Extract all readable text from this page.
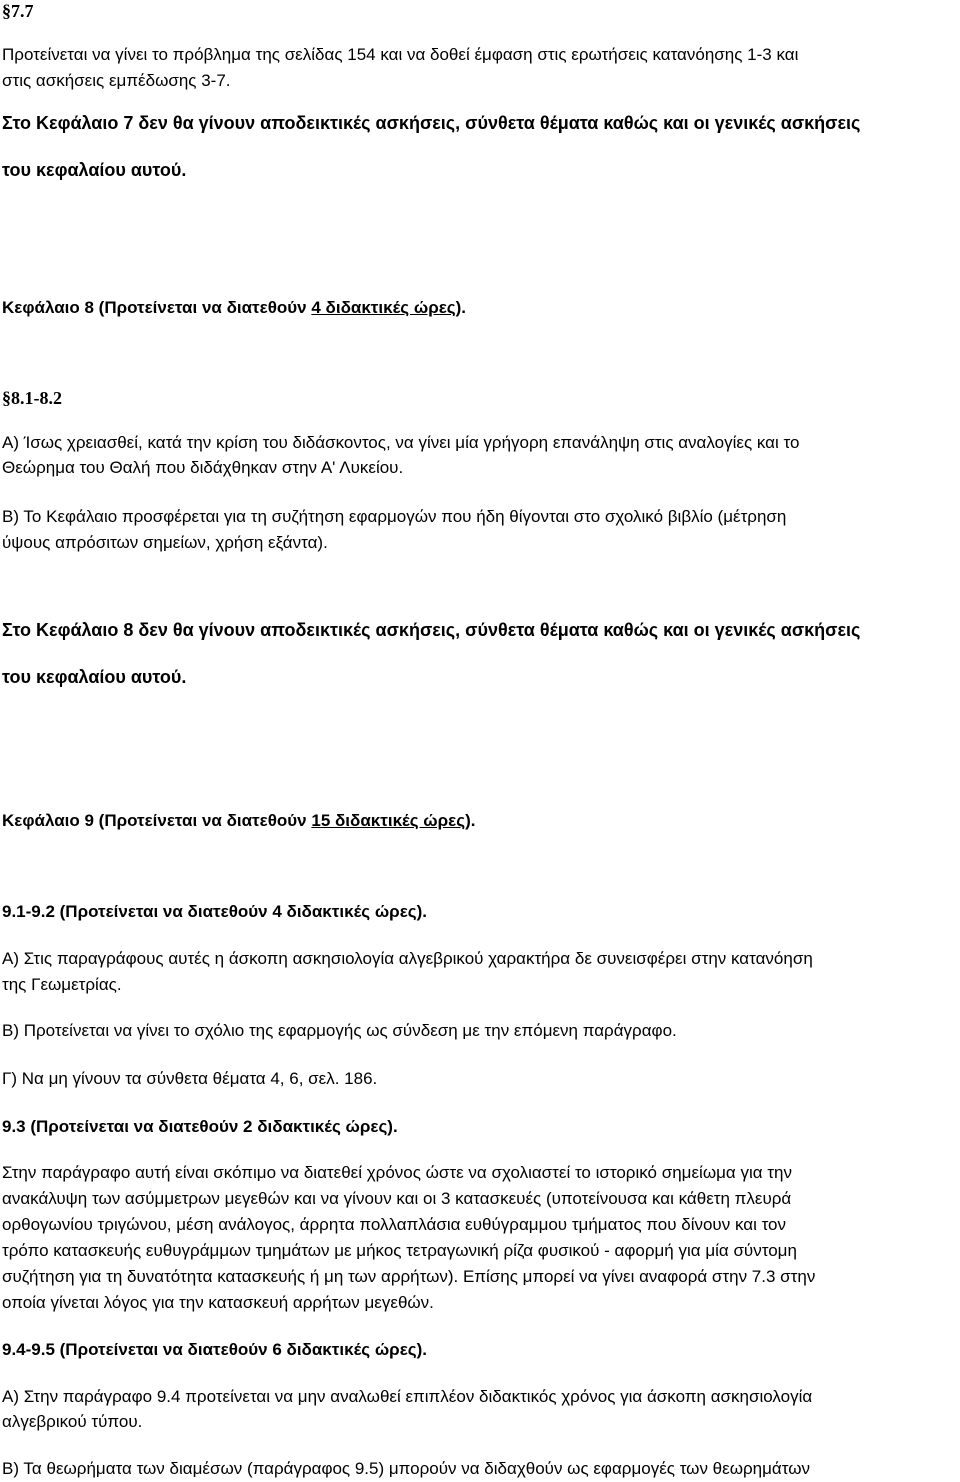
§7.7
Προτείνεται να γίνει το πρόβλημα της σελίδας 154 και να δοθεί έμφαση στις ερωτήσεις κατανόησης 1-3 και
στις ασκήσεις εμπέδωσης 3-7.
Στο Κεφάλαιο 7 δεν θα γίνουν αποδεικτικές ασκήσεις, σύνθετα θέματα καθώς και οι γενικές ασκήσεις
του κεφαλαίου αυτού.
Κεφάλαιο 8 (Προτείνεται να διατεθούν 4 διδακτικές ώρες).
§8.1-8.2
Α) Ίσως χρειασθεί, κατά την κρίση του διδάσκοντος, να γίνει μία γρήγορη επανάληψη στις αναλογίες και το
Θεώρημα του Θαλή που διδάχθηκαν στην Α' Λυκείου.
Β) Το Κεφάλαιο προσφέρεται για τη συζήτηση εφαρμογών που ήδη θίγονται στο σχολικό βιβλίο (μέτρηση
ύψους απρόσιτων σημείων, χρήση εξάντα).
Στο Κεφάλαιο 8 δεν θα γίνουν αποδεικτικές ασκήσεις, σύνθετα θέματα καθώς και οι γενικές ασκήσεις
του κεφαλαίου αυτού.
Κεφάλαιο 9 (Προτείνεται να διατεθούν 15 διδακτικές ώρες).
9.1-9.2 (Προτείνεται να διατεθούν 4 διδακτικές ώρες).
Α) Στις παραγράφους αυτές η άσκοπη ασκησιολογία αλγεβρικού χαρακτήρα δε συνεισφέρει στην κατανόηση
της Γεωμετρίας.
Β) Προτείνεται να γίνει το σχόλιο της εφαρμογής ως σύνδεση με την επόμενη παράγραφο.
Γ) Να μη γίνουν τα σύνθετα θέματα 4, 6, σελ. 186.
9.3 (Προτείνεται να διατεθούν 2 διδακτικές ώρες).
Στην παράγραφο αυτή είναι σκόπιμο να διατεθεί χρόνος ώστε να σχολιαστεί το ιστορικό σημείωμα για την
ανακάλυψη των ασύμμετρων μεγεθών και να γίνουν και οι 3 κατασκευές (υποτείνουσα και κάθετη πλευρά
ορθογωνίου τριγώνου, μέση ανάλογος, άρρητα πολλαπλάσια ευθύγραμμου τμήματος που δίνουν και τον
τρόπο κατασκευής ευθυγράμμων τμημάτων με μήκος τετραγωνική ρίζα φυσικού - αφορμή για μία σύντομη
συζήτηση για τη δυνατότητα κατασκευής ή μη των αρρήτων). Επίσης μπορεί να γίνει αναφορά στην 7.3 στην
οποία γίνεται λόγος για την κατασκευή αρρήτων μεγεθών.
9.4-9.5 (Προτείνεται να διατεθούν 6 διδακτικές ώρες).
Α) Στην παράγραφο 9.4 προτείνεται να μην αναλωθεί επιπλέον διδακτικός χρόνος για άσκοπη ασκησιολογία
αλγεβρικού τύπου.
Β) Τα θεωρήματα των διαμέσων (παράγραφος 9.5) μπορούν να διδαχθούν ως εφαρμογές των θεωρημάτων
